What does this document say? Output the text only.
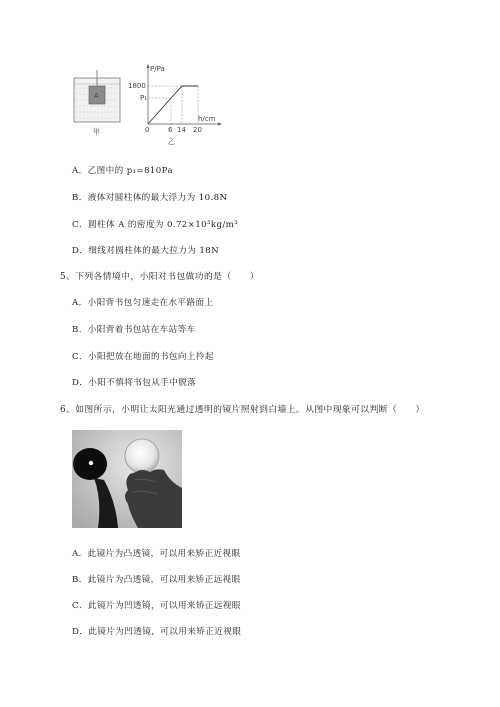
A
甲
P/Pa
h/cm
1800
P₁
0	6 14 20
乙
A．乙图中的 p₁=810Pa
B．液体对圆柱体的最大浮力为 10.8N
C．圆柱体 A 的密度为 0.72×10³kg/m³
D．细线对圆柱体的最大拉力为 18N
5、下列各情境中，小阳对书包做功的是（　　）
A．小阳背书包匀速走在水平路面上
B．小阳背着书包站在车站等车
C．小阳把放在地面的书包向上拎起
D．小阳不慎将书包从手中脱落
6、如图所示，小明让太阳光通过透明的镜片照射到白墙上。从图中现象可以判断（　　）
A．此镜片为凸透镜，可以用来矫正近视眼
B．此镜片为凸透镜，可以用来矫正远视眼
C．此镜片为凹透镜，可以用来矫正远视眼
D．此镜片为凹透镜，可以用来矫正近视眼
